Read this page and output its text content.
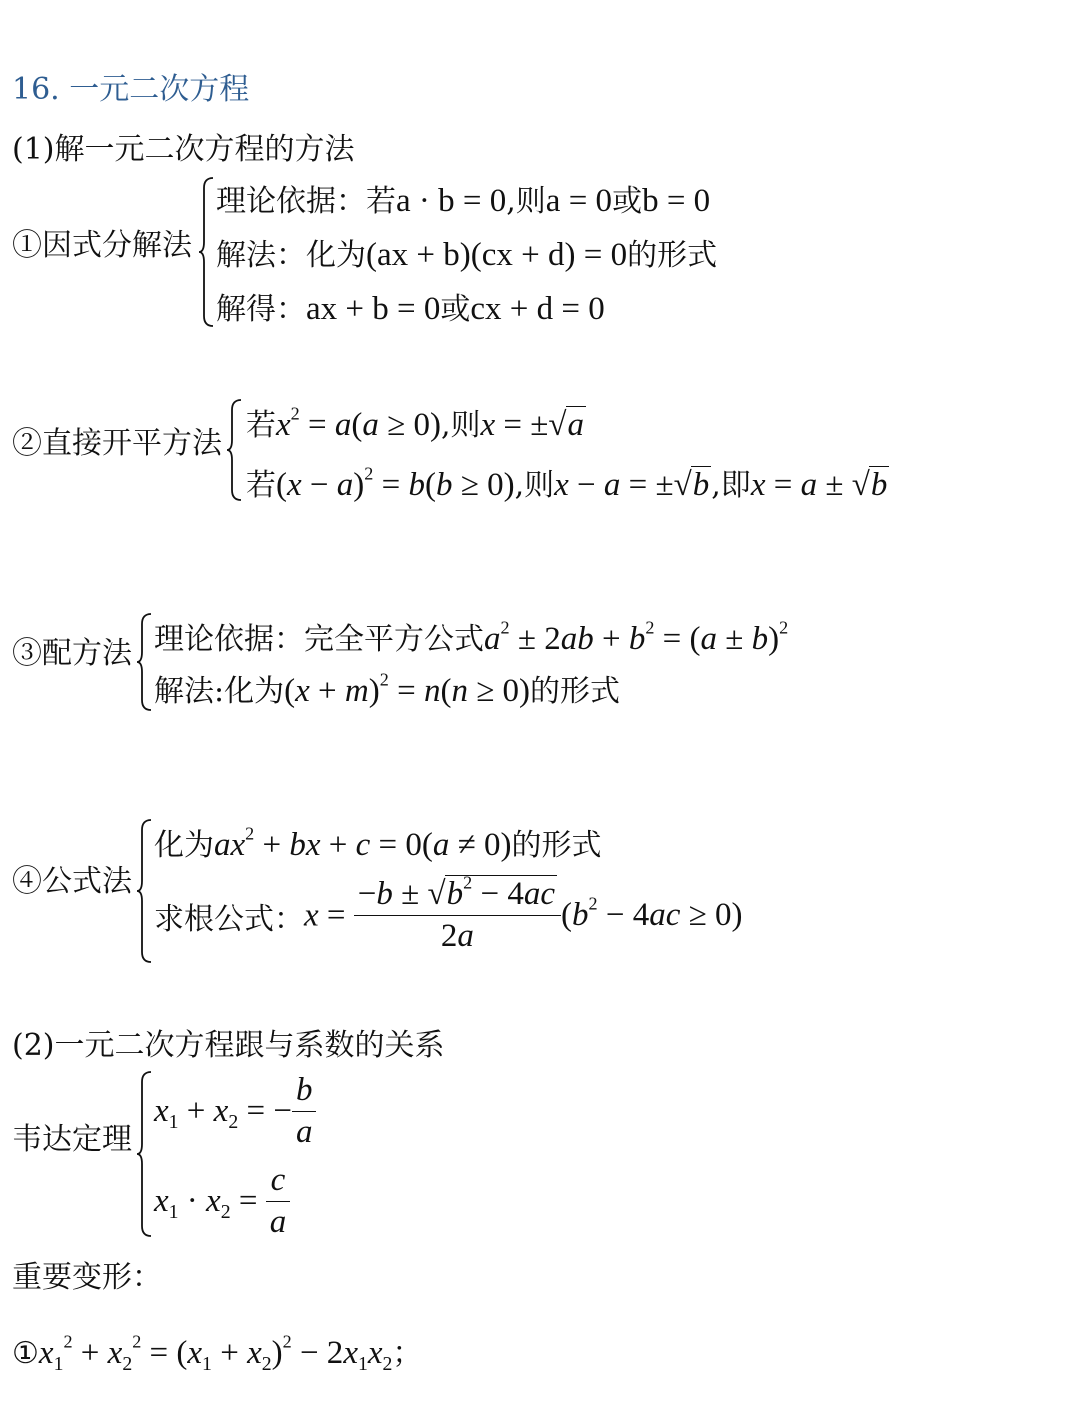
16. 一元二次方程
(1)解一元二次方程的方法
①因式分解法
理论依据：若a · b = 0,则a = 0或b = 0
解法：化为(ax + b)(cx + d) = 0的形式
解得：ax + b = 0或cx + d = 0
②直接开平方法
若$x^2 = a(a \ge 0)$,则x = ±√a
若$(x - a)^2 = b(b \ge 0)$,则x − a = ±√b,即x = a ± √b
③配方法 理论依据：完全平方公式$a^2 \pm 2ab + b^2 = (a \pm b)^2$
解法:化为$(x + m)^2 = n(n \ge 0)$的形式
④公式法
化为$ax^2$ + bx + c = 0(a ≠ 0)的形式
求根公式：$x = \frac{-b \pm √b^2 - 4ac}{2a} (b^2 - 4ac \ge 0)$
(2)一元二次方程跟与系数的关系
韦达定理
$x_1 + x_2$ = − $\frac{b}{a}$
$x_1 \cdot x_2 = \frac{c}{a}$
重要变形：
$①x_1^2 + x_2^2 = (x_1 + x_2)^2 - 2x_1x_2$；
